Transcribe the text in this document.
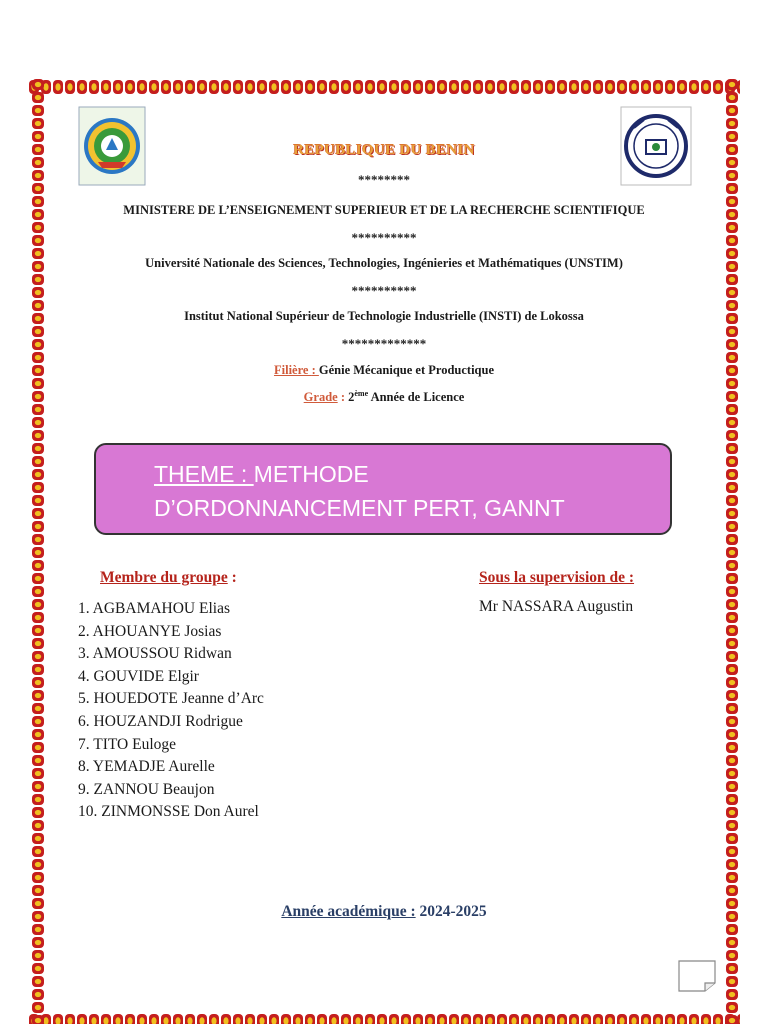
REPUBLIQUE DU BENIN
********
MINISTERE DE L’ENSEIGNEMENT SUPERIEUR ET DE LA RECHERCHE SCIENTIFIQUE
**********
Université Nationale des Sciences, Technologies, Ingénieries et Mathématiques (UNSTIM)
**********
Institut National Supérieur de Technologie Industrielle (INSTI) de Lokossa
*************
Filière : Génie Mécanique et Productique
Grade : 2ème Année de Licence
THEME : METHODE
D’ORDONNANCEMENT PERT, GANNT
Membre du groupe :	Sous la supervision de :
1. AGBAMAHOU Elias
2. AHOUANYE Josias
3. AMOUSSOU Ridwan
4. GOUVIDE Elgir
5. HOUEDOTE Jeanne d’Arc
6. HOUZANDJI Rodrigue
7. TITO Euloge
8. YEMADJE Aurelle
9. ZANNOU Beaujon
10. ZINMONSSE Don Aurel
Mr NASSARA Augustin
Année académique : 2024-2025
